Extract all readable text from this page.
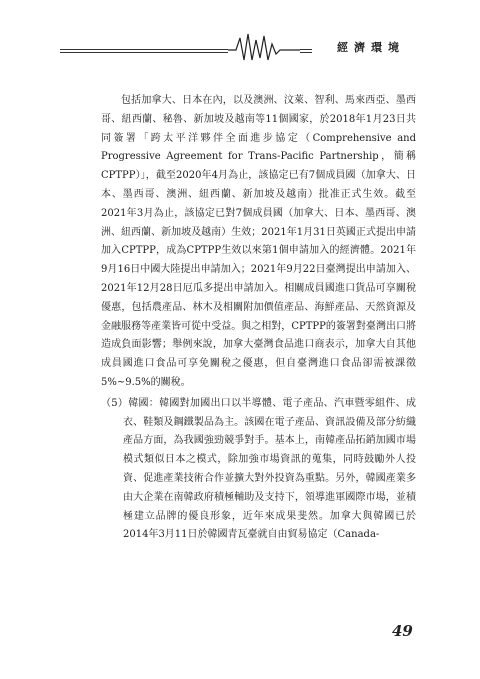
經濟環境

包括加拿大、日本在內，以及澳洲、汶萊、智利、馬來西亞、墨西哥、紐西蘭、秘魯、新加坡及越南等11個國家，於2018年1月23日共同簽署「跨太平洋夥伴全面進步協定（Comprehensive and Progressive Agreement for Trans-Pacific Partnership，簡稱CPTPP）」，截至2020年4月為止，該協定已有7個成員國（加拿大、日本、墨西哥、澳洲、紐西蘭、新加坡及越南）批准正式生效。截至2021年3月為止，該協定已對7個成員國（加拿大、日本、墨西哥、澳洲、紐西蘭、新加坡及越南）生效；2021年1月31日英國正式提出申請加入CPTPP，成為CPTPP生效以來第1個申請加入的經濟體。2021年9月16日中國大陸提出申請加入；2021年9月22日臺灣提出申請加入、2021年12月28日厄瓜多提出申請加入。相關成員國進口貨品可享關稅優惠，包括農產品、林木及相關附加價值產品、海鮮產品、天然資源及金融服務等產業皆可從中受益。與之相對，CPTPP的簽署對臺灣出口將造成負面影響；舉例來說，加拿大臺灣食品進口商表示，加拿大自其他成員國進口食品可享免關稅之優惠，但自臺灣進口食品卻需被課徵5%~9.5%的關稅。

（5）韓國：韓國對加國出口以半導體、電子產品、汽車暨零組件、成衣、鞋類及鋼鐵製品為主。該國在電子產品、資訊設備及部分紡織產品方面，為我國強勁競爭對手。基本上，南韓產品拓銷加國市場模式類似日本之模式，除加強市場資訊的蒐集，同時鼓勵外人投資、促進產業技術合作並擴大對外投資為重點。另外，韓國產業多由大企業在南韓政府積極輔助及支持下，領導進軍國際市場，並積極建立品牌的優良形象，近年來成果斐然。加拿大與韓國已於2014年3月11日於韓國青瓦臺就自由貿易協定（Canada-

49
